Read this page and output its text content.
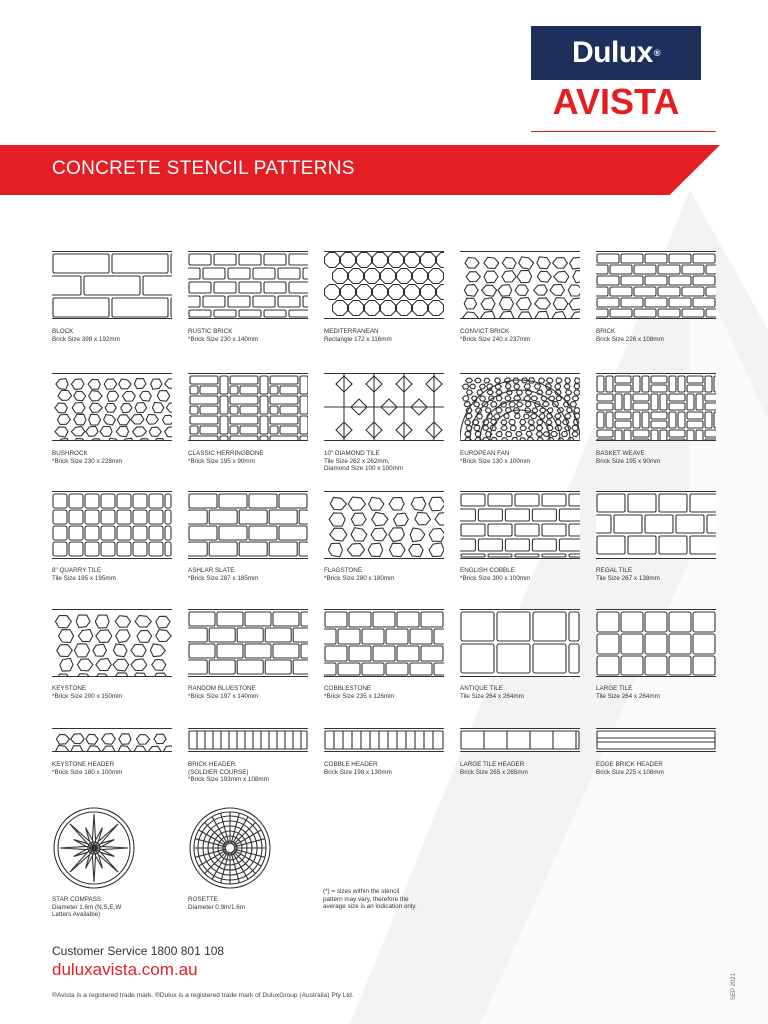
Dulux ®
AVISTA
CONCRETE STENCIL PATTERNS
BLOCK
Brick Size 398 x 192mm
RUSTIC BRICK
*Brick Size 230 x 140mm
MEDITERRANEAN
Rectangle 172 x 116mm
CONVICT BRICK
*Brick Size 240 x 237mm
BRICK
Brick Size 226 x 108mm
BUSHROCK
*Brick Size 230 x 228mm
CLASSIC HERRINGBONE
*Brick Size 195 x 90mm
10" DIAMOND TILE
Tile Size 262 x 262mm,
Diamond Size 100 x 100mm
EUROPEAN FAN
*Brick Size 130 x 100mm
BASKET WEAVE
Brick Size 195 x 90mm
8" QUARRY TILE
Tile Size 195 x 195mm
ASHLAR SLATE
*Brick Size 287 x 185mm
FLAGSTONE
*Brick Size 280 x 180mm
ENGLISH COBBLE
*Brick Size 300 x 100mm
REGAL TILE
Tile Size 267 x 138mm
KEYSTONE
*Brick Size 200 x 150mm
RANDOM BLUESTONE
*Brick Size 197 x 140mm
COBBLESTONE
*Brick Size 235 x 126mm
ANTIQUE TILE
Tile Size 264 x 264mm
LARGE TILE
Tile Size 264 x 264mm
KEYSTONE HEADER
*Brick Size 180 x 100mm
BRICK HEADER
(SOLDIER COURSE)
*Brick Size 193mm x 108mm
COBBLE HEADER
Brick Size 198 x 130mm
LARGE TILE HEADER
Brick Size 265 x 265mm
EDGE BRICK HEADER
Brick Size 225 x 108mm
STAR COMPASS
Diameter 1.6m (N,S,E,W
Letters Available)
ROSETTE
Diameter 0.9m/1.6m
(*) = sizes within the stencil
pattern may vary, therefore the
average size is an indication only.
Customer Service 1800 801 108
duluxavista.com.au
®Avista is a registered trade mark. ®Dulux is a registered trade mark of DuluxGroup (Australia) Pty Ltd.	SEP 2021
